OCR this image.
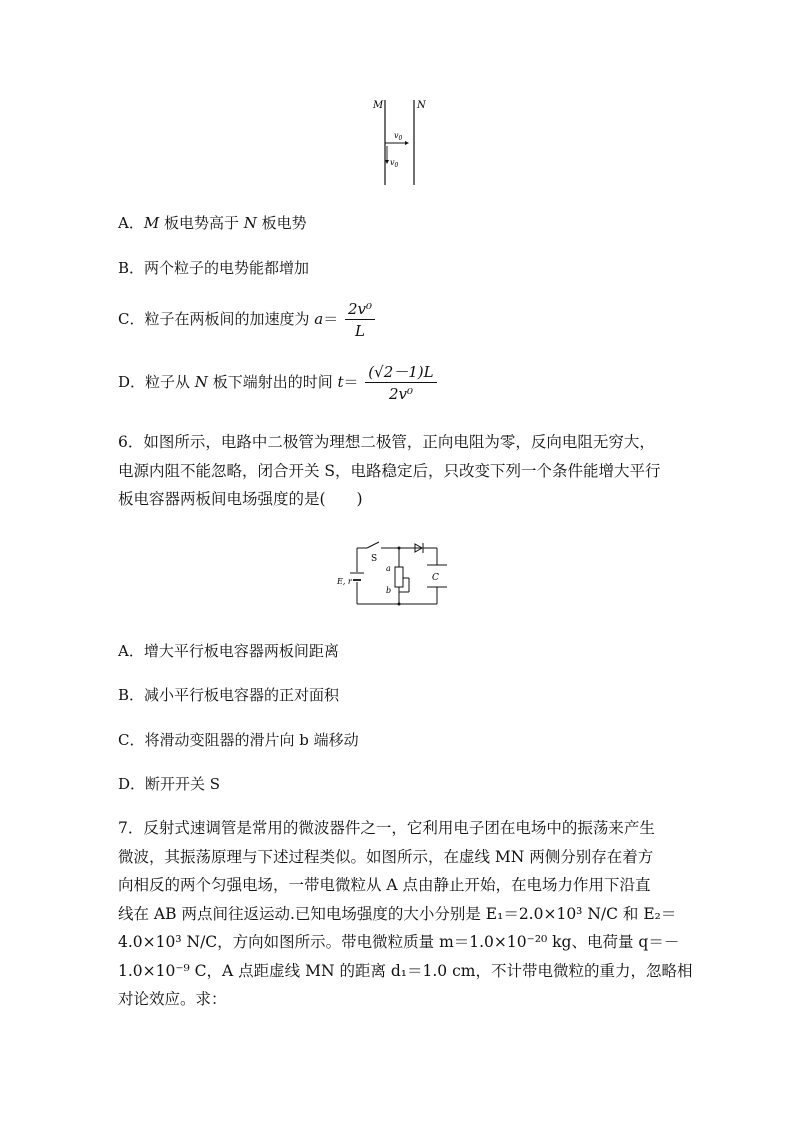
M	N
$v_0$
$v_0$
A．M 板电势高于 N 板电势
B．两个粒子的电势能都增加
C．粒子在两板间的加速度为 $a= \frac{\text{2v⁰}}{L}$
D．粒子从 N 板下端射出的时间 $t= \frac{(√2-1)L}{\text{2v⁰}}$
6．如图所示，电路中二极管为理想二极管，正向电阻为零，反向电阻无穷大，
电源内阻不能忽略，闭合开关 S，电路稳定后，只改变下列一个条件能增大平行
板电容器两板间电场强度的是(　　)
E, r
S
C
a
b
A．增大平行板电容器两板间距离
B．减小平行板电容器的正对面积
C．将滑动变阻器的滑片向 b 端移动
D．断开开关 S
7．反射式速调管是常用的微波器件之一，它利用电子团在电场中的振荡来产生
微波，其振荡原理与下述过程类似。如图所示，在虚线 MN 两侧分别存在着方
向相反的两个匀强电场，一带电微粒从 A 点由静止开始，在电场力作用下沿直
线在 AB 两点间往返运动.已知电场强度的大小分别是 E₁＝2.0×10³ N/C 和 E₂＝
4.0×10³ N/C，方向如图所示。带电微粒质量 m＝1.0×10⁻²⁰ kg、电荷量 q＝－
1.0×10⁻⁹ C，A 点距虚线 MN 的距离 d₁＝1.0 cm，不计带电微粒的重力，忽略相
对论效应。求：
